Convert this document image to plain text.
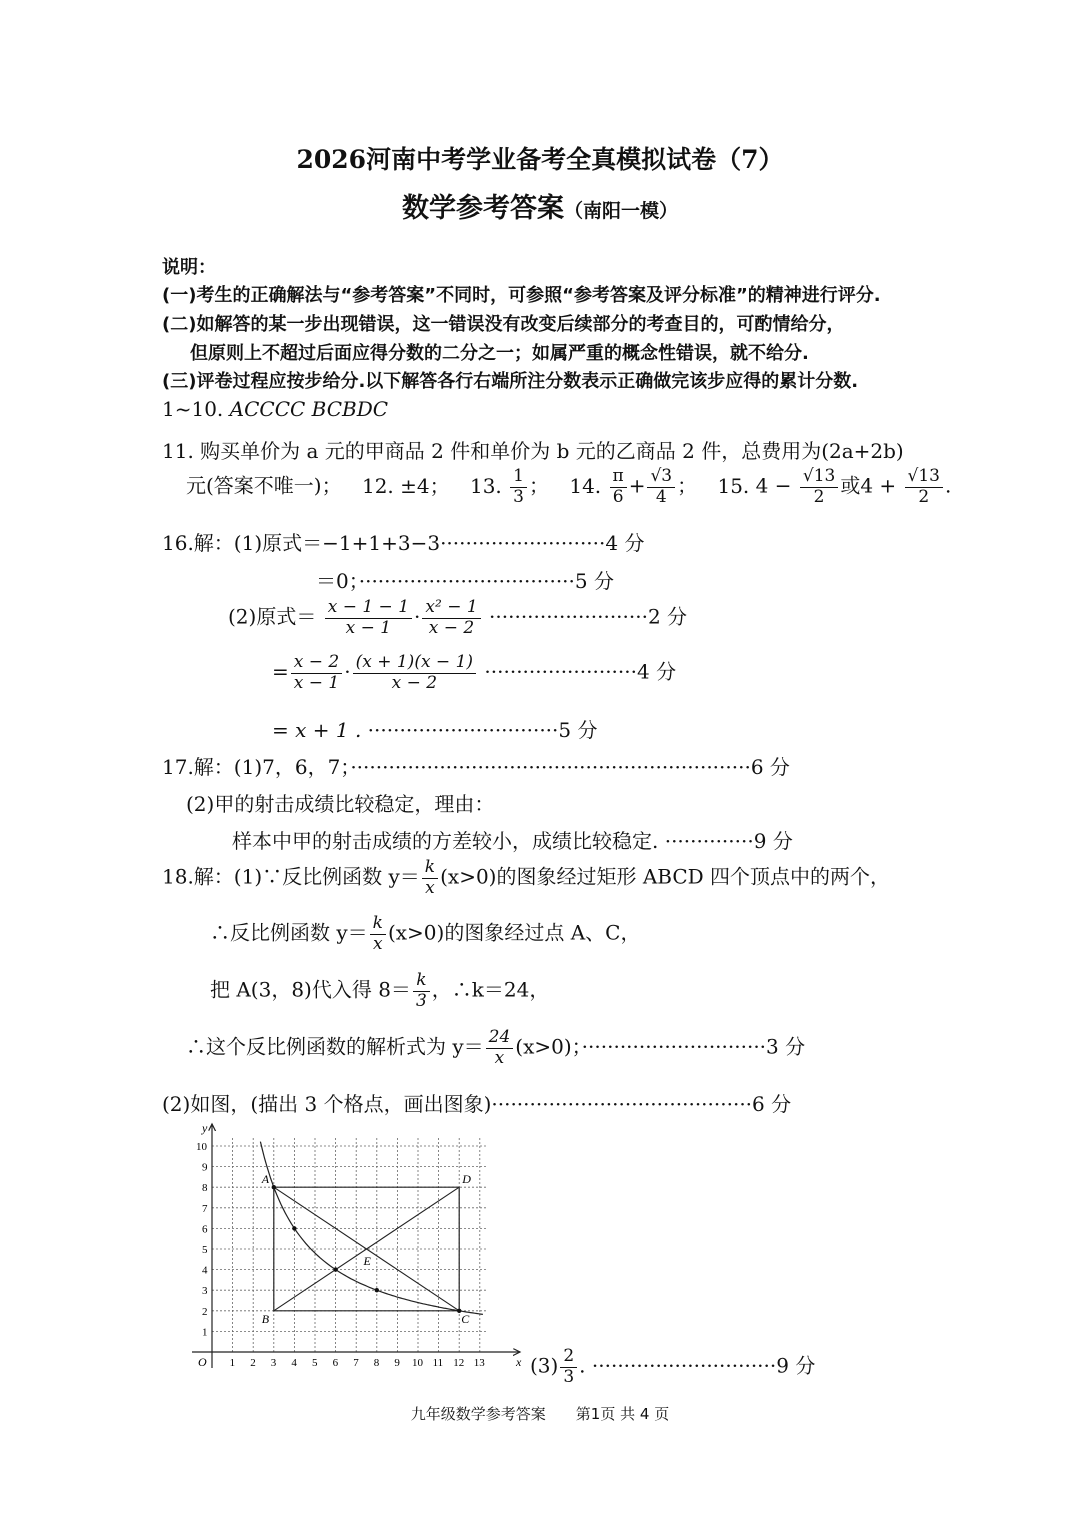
2026河南中考学业备考全真模拟试卷（7）
数学参考答案（南阳一模）
说明：
(一)考生的正确解法与“参考答案”不同时，可参照“参考答案及评分标准”的精神进行评分.
(二)如解答的某一步出现错误，这一错误没有改变后续部分的考查目的，可酌情给分，
但原则上不超过后面应得分数的二分之一；如属严重的概念性错误，就不给分.
(三)评卷过程应按步给分.以下解答各行右端所注分数表示正确做完该步应得的累计分数.
1~10. ACCCC BCBDC
11. 购买单价为 a 元的甲商品 2 件和单价为 b 元的乙商品 2 件，总费用为(2a+2b)
元(答案不唯一)； 12. ±4； 13. $\frac{1}{3}$ ； 14. $\frac{\pi}{6} + \frac{√3}{4}$ ； 15. $4 - \frac{√13}{2}$ 或$4 + \frac{√13}{2}$ .
16.解：(1)原式＝−1+1+3−3··························4 分
＝0；··································5 分
(2)原式＝ $\frac{x - 1 - 1}{x - 1} \cdot \frac{\text{x² − 1}}{x - 2} \cdot\cdot\cdot\cdot\cdot\cdot\cdot\cdot\cdot\cdot\cdot\cdot\cdot\cdot\cdot\cdot\cdot\cdot\cdot\cdot\cdot\cdot\cdot\cdot\cdot 2$ 分
= $\frac{x - 2}{x - 1} \cdot \frac{(x + 1)(x - 1)}{x - 2} \cdot\cdot\cdot\cdot\cdot\cdot\cdot\cdot\cdot\cdot\cdot\cdot\cdot\cdot\cdot\cdot\cdot\cdot\cdot\cdot\cdot\cdot\cdot\cdot 4$ 分
= x + 1 . ······························5 分
17.解：(1)7，6，7；·······························································6 分
(2)甲的射击成绩比较稳定，理由：
样本中甲的射击成绩的方差较小，成绩比较稳定. ··············9 分
18.解：(1)∵反比例函数 $y= \frac{k}{x} (x>0)$的图象经过矩形 ABCD 四个顶点中的两个，
∴反比例函数 $y= \frac{k}{x} (x>0)$的图象经过点 A、C，
把 A(3，8)代入得 $8= \frac{k}{3}$ ，∴k＝24，
∴这个反比例函数的解析式为 $y= \frac{24}{x} (x>0)$；·····························3 分
(2)如图，(描出 3 个格点，画出图象)·········································6 分
y
x
O 1 2 3 4 5 6 7 8 9 10 11 12 13
1
2
3
4
5
6
7
8
9
10
A
B	C
D
E
$(3) \frac{2}{3}$ . ·····························9 分
九年级数学参考答案　　第1页 共 4 页
